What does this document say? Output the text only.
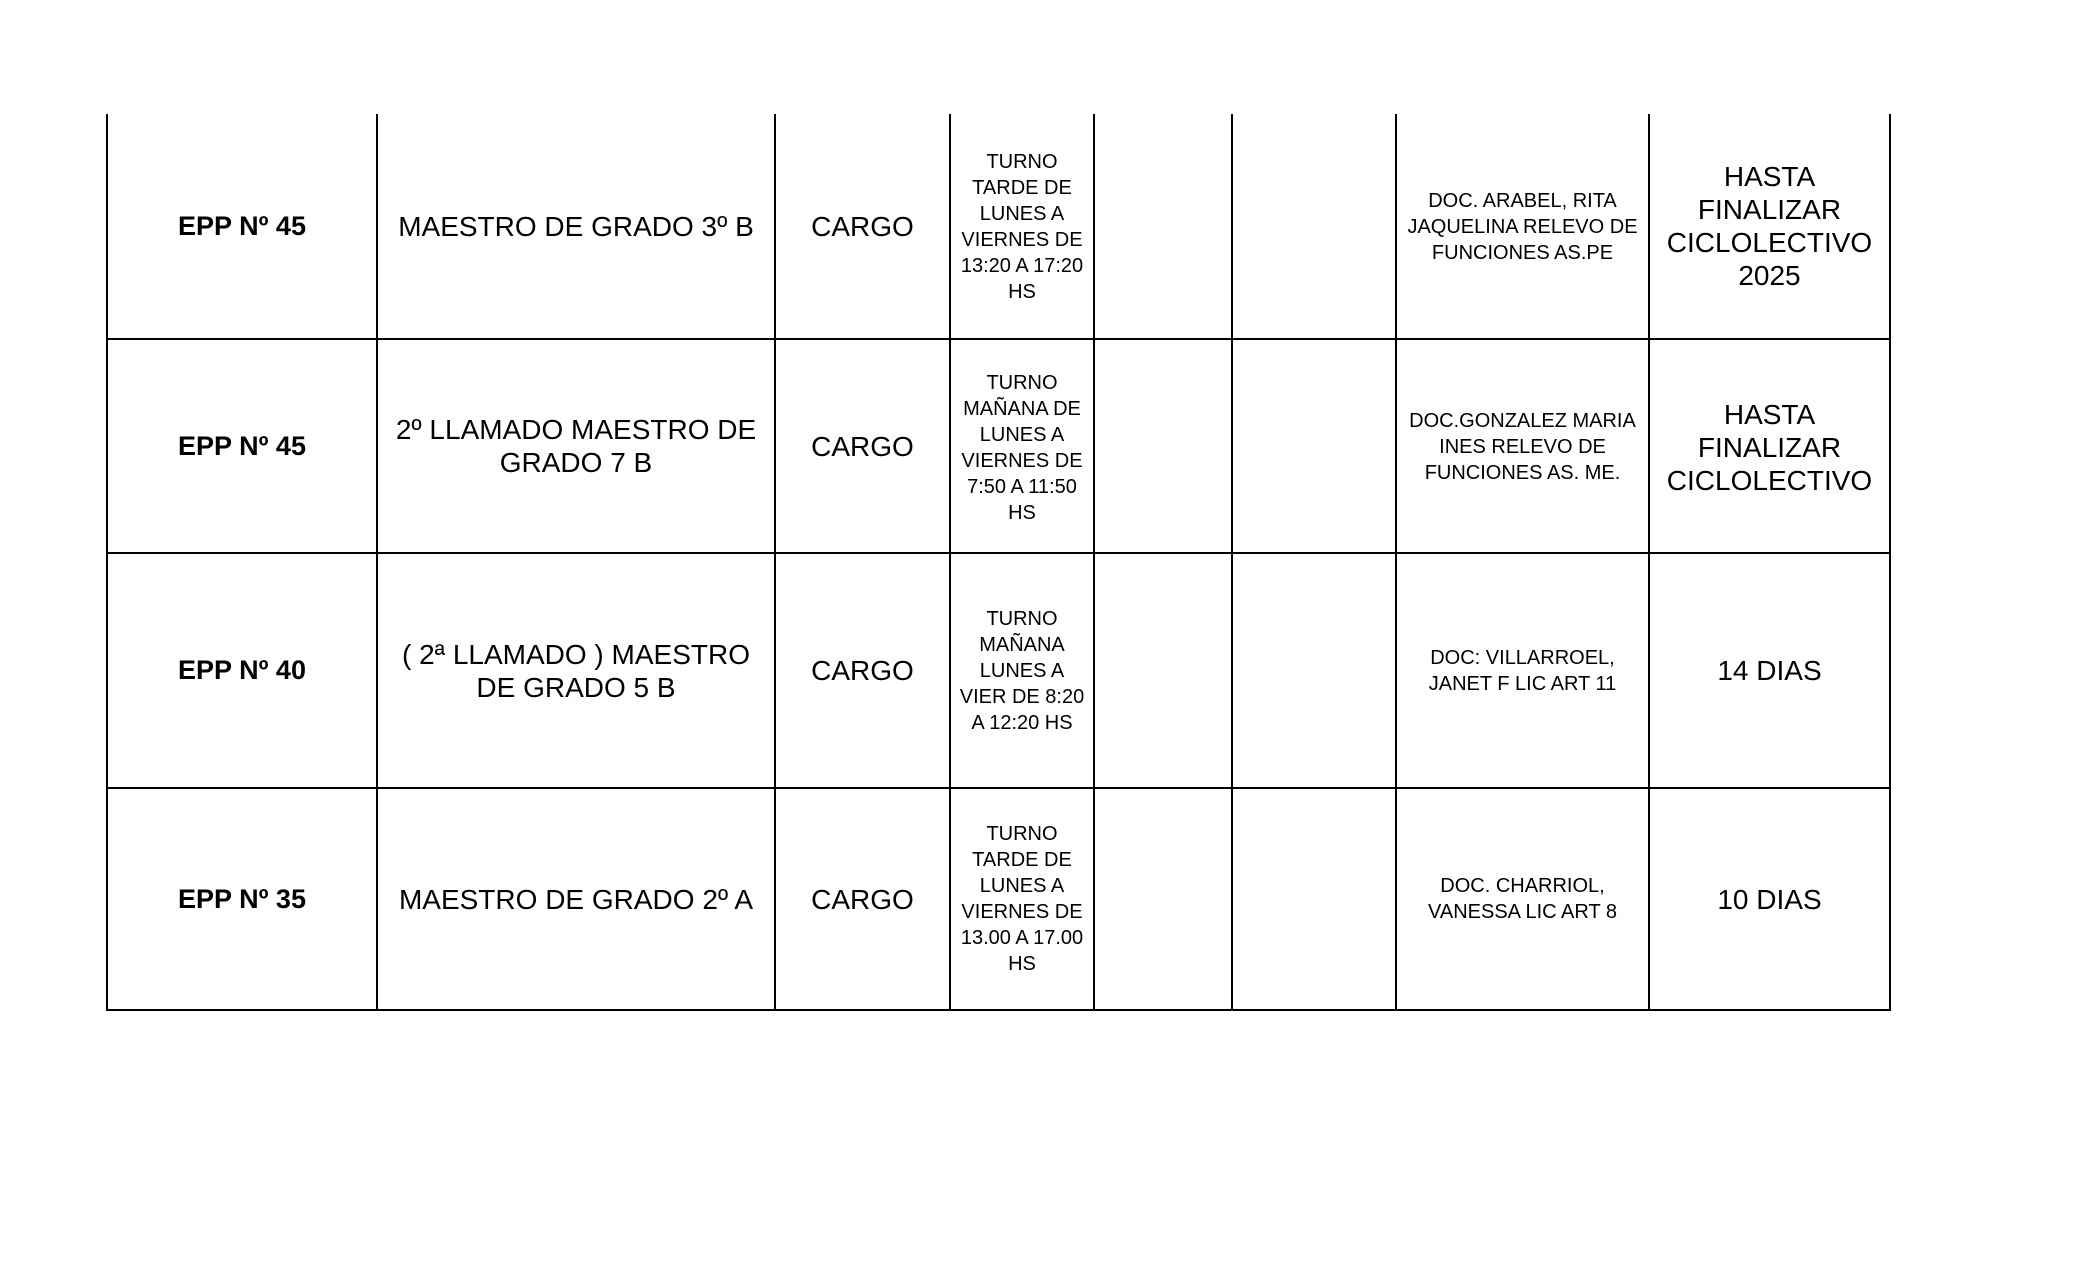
EPP Nº 45	MAESTRO DE GRADO 3º B	CARGO	TURNO TARDE DE LUNES A VIERNES DE 13:20 A 17:20 HS			DOC. ARABEL, RITA JAQUELINA RELEVO DE FUNCIONES AS.PE	HASTA FINALIZAR CICLOLECTIVO 2025
EPP Nº 45	2º LLAMADO MAESTRO DE GRADO 7 B	CARGO	TURNO MAÑANA DE LUNES A VIERNES DE 7:50 A 11:50 HS			DOC.GONZALEZ MARIA INES RELEVO DE FUNCIONES AS. ME.	HASTA FINALIZAR CICLOLECTIVO
EPP Nº 40	( 2ª LLAMADO ) MAESTRO DE GRADO 5 B	CARGO	TURNO MAÑANA LUNES A VIER DE 8:20 A 12:20 HS			DOC: VILLARROEL, JANET F LIC ART 11	14 DIAS
EPP Nº 35	MAESTRO DE GRADO 2º A	CARGO	TURNO TARDE DE LUNES A VIERNES DE 13.00 A 17.00 HS			DOC. CHARRIOL, VANESSA LIC ART 8	10 DIAS
